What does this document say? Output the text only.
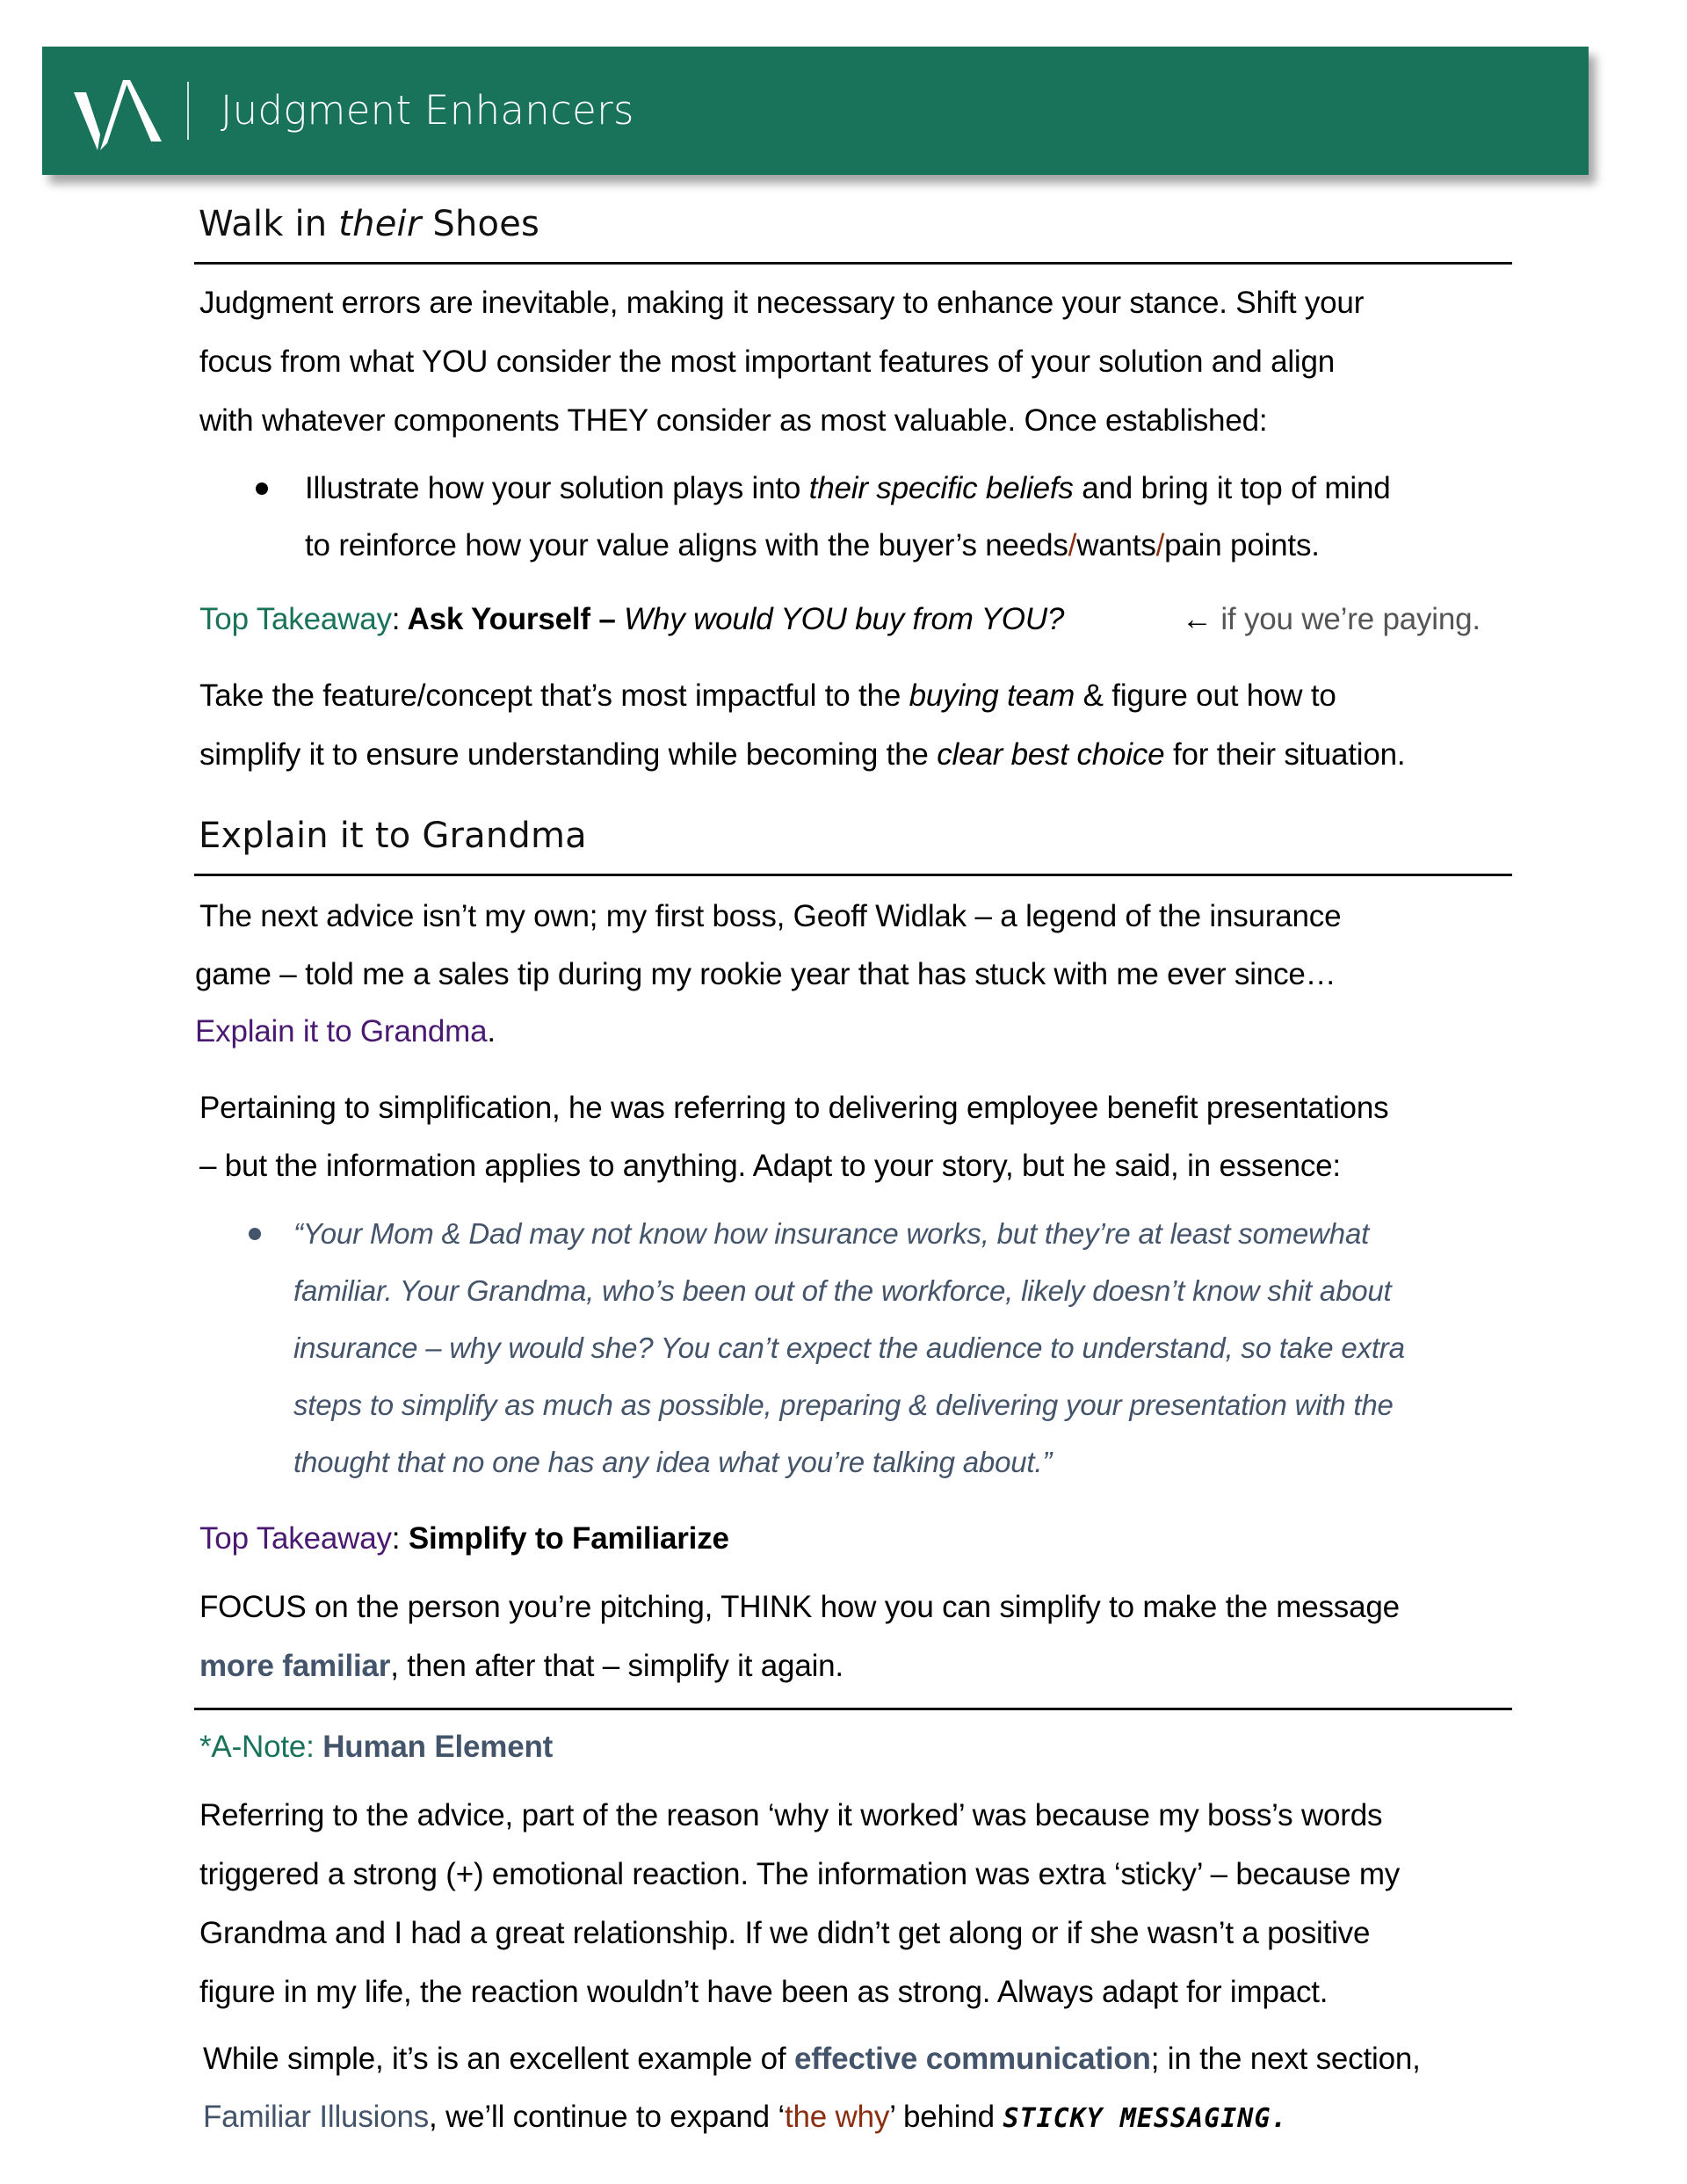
Judgment Enhancers
Walk in their Shoes
Judgment errors are inevitable, making it necessary to enhance your stance. Shift your
focus from what YOU consider the most important features of your solution and align
with whatever components THEY consider as most valuable. Once established:
Illustrate how your solution plays into their specific beliefs and bring it top of mind
to reinforce how your value aligns with the buyer’s needs/wants/pain points.
Top Takeaway: Ask Yourself – Why would YOU buy from YOU?	← if you we’re paying.
Take the feature/concept that’s most impactful to the buying team & figure out how to
simplify it to ensure understanding while becoming the clear best choice for their situation.
Explain it to Grandma
The next advice isn’t my own; my first boss, Geoff Widlak – a legend of the insurance
game – told me a sales tip during my rookie year that has stuck with me ever since…
Explain it to Grandma.
Pertaining to simplification, he was referring to delivering employee benefit presentations
– but the information applies to anything. Adapt to your story, but he said, in essence:
“Your Mom & Dad may not know how insurance works, but they’re at least somewhat
familiar. Your Grandma, who’s been out of the workforce, likely doesn’t know shit about
insurance – why would she? You can’t expect the audience to understand, so take extra
steps to simplify as much as possible, preparing & delivering your presentation with the
thought that no one has any idea what you’re talking about.”
Top Takeaway: Simplify to Familiarize
FOCUS on the person you’re pitching, THINK how you can simplify to make the message
more familiar, then after that – simplify it again.
*A-Note: Human Element
Referring to the advice, part of the reason ‘why it worked’ was because my boss’s words
triggered a strong (+) emotional reaction. The information was extra ‘sticky’ – because my
Grandma and I had a great relationship. If we didn’t get along or if she wasn’t a positive
figure in my life, the reaction wouldn’t have been as strong. Always adapt for impact.
While simple, it’s is an excellent example of effective communication; in the next section,
Familiar Illusions, we’ll continue to expand ‘the why’ behind STICKY MESSAGING.
